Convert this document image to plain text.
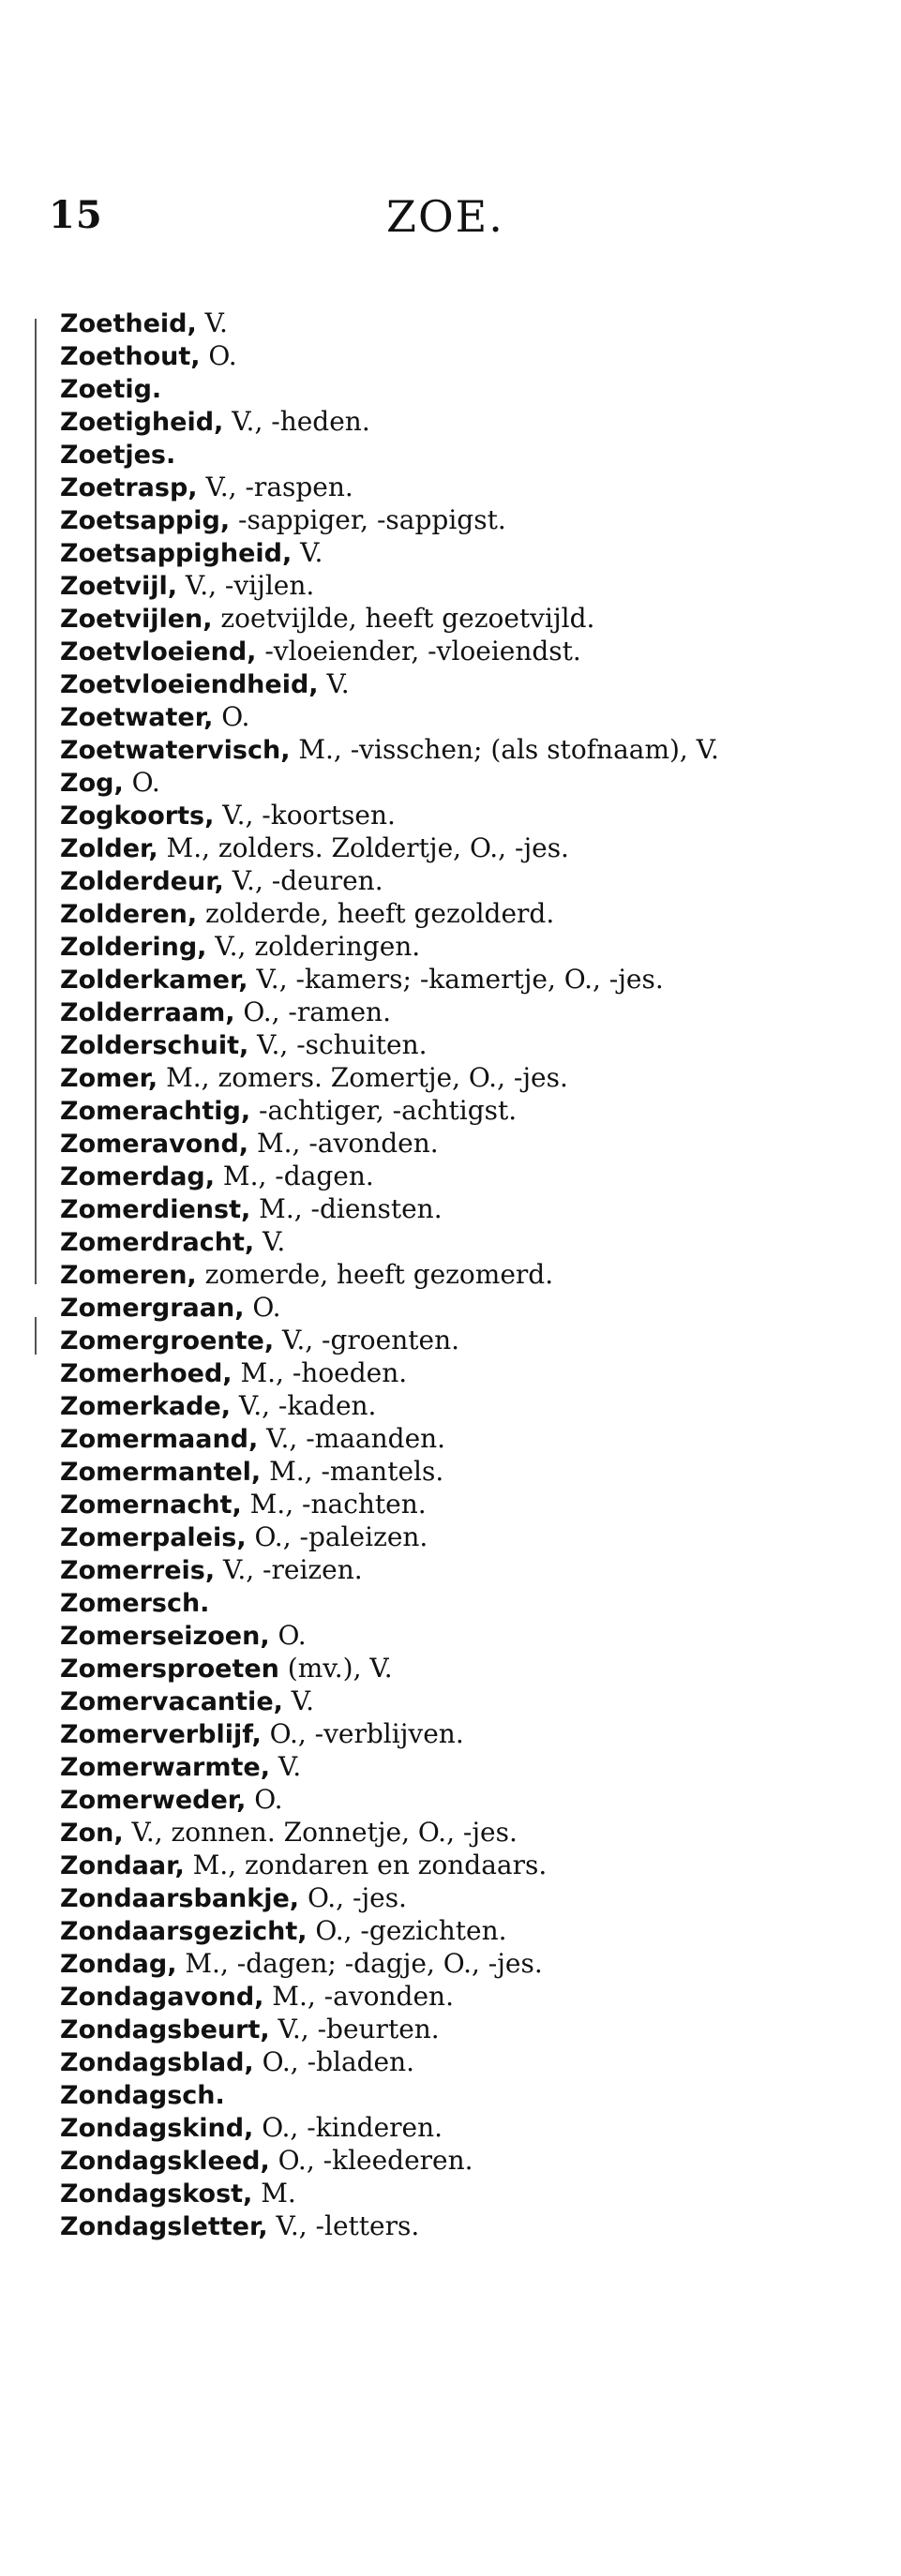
15	ZOE.
Zoetheid, V.
Zoethout, O.
Zoetig.
Zoetigheid, V., -heden.
Zoetjes.
Zoetrasp, V., -raspen.
Zoetsappig, -sappiger, -sappigst.
Zoetsappigheid, V.
Zoetvijl, V., -vijlen.
Zoetvijlen, zoetvijlde, heeft gezoetvijld.
Zoetvloeiend, -vloeiender, -vloeiendst.
Zoetvloeiendheid, V.
Zoetwater, O.
Zoetwatervisch, M., -visschen; (als stofnaam), V.
Zog, O.
Zogkoorts, V., -koortsen.
Zolder, M., zolders. Zoldertje, O., -jes.
Zolderdeur, V., -deuren.
Zolderen, zolderde, heeft gezolderd.
Zoldering, V., zolderingen.
Zolderkamer, V., -kamers; -kamertje, O., -jes.
Zolderraam, O., -ramen.
Zolderschuit, V., -schuiten.
Zomer, M., zomers. Zomertje, O., -jes.
Zomerachtig, -achtiger, -achtigst.
Zomeravond, M., -avonden.
Zomerdag, M., -dagen.
Zomerdienst, M., -diensten.
Zomerdracht, V.
Zomeren, zomerde, heeft gezomerd.
Zomergraan, O.
Zomergroente, V., -groenten.
Zomerhoed, M., -hoeden.
Zomerkade, V., -kaden.
Zomermaand, V., -maanden.
Zomermantel, M., -mantels.
Zomernacht, M., -nachten.
Zomerpaleis, O., -paleizen.
Zomerreis, V., -reizen.
Zomersch.
Zomerseizoen, O.
Zomersproeten (mv.), V.
Zomervacantie, V.
Zomerverblijf, O., -verblijven.
Zomerwarmte, V.
Zomerweder, O.
Zon, V., zonnen. Zonnetje, O., -jes.
Zondaar, M., zondaren en zondaars.
Zondaarsbankje, O., -jes.
Zondaarsgezicht, O., -gezichten.
Zondag, M., -dagen; -dagje, O., -jes.
Zondagavond, M., -avonden.
Zondagsbeurt, V., -beurten.
Zondagsblad, O., -bladen.
Zondagsch.
Zondagskind, O., -kinderen.
Zondagskleed, O., -kleederen.
Zondagskost, M.
Zondagsletter, V., -letters.
